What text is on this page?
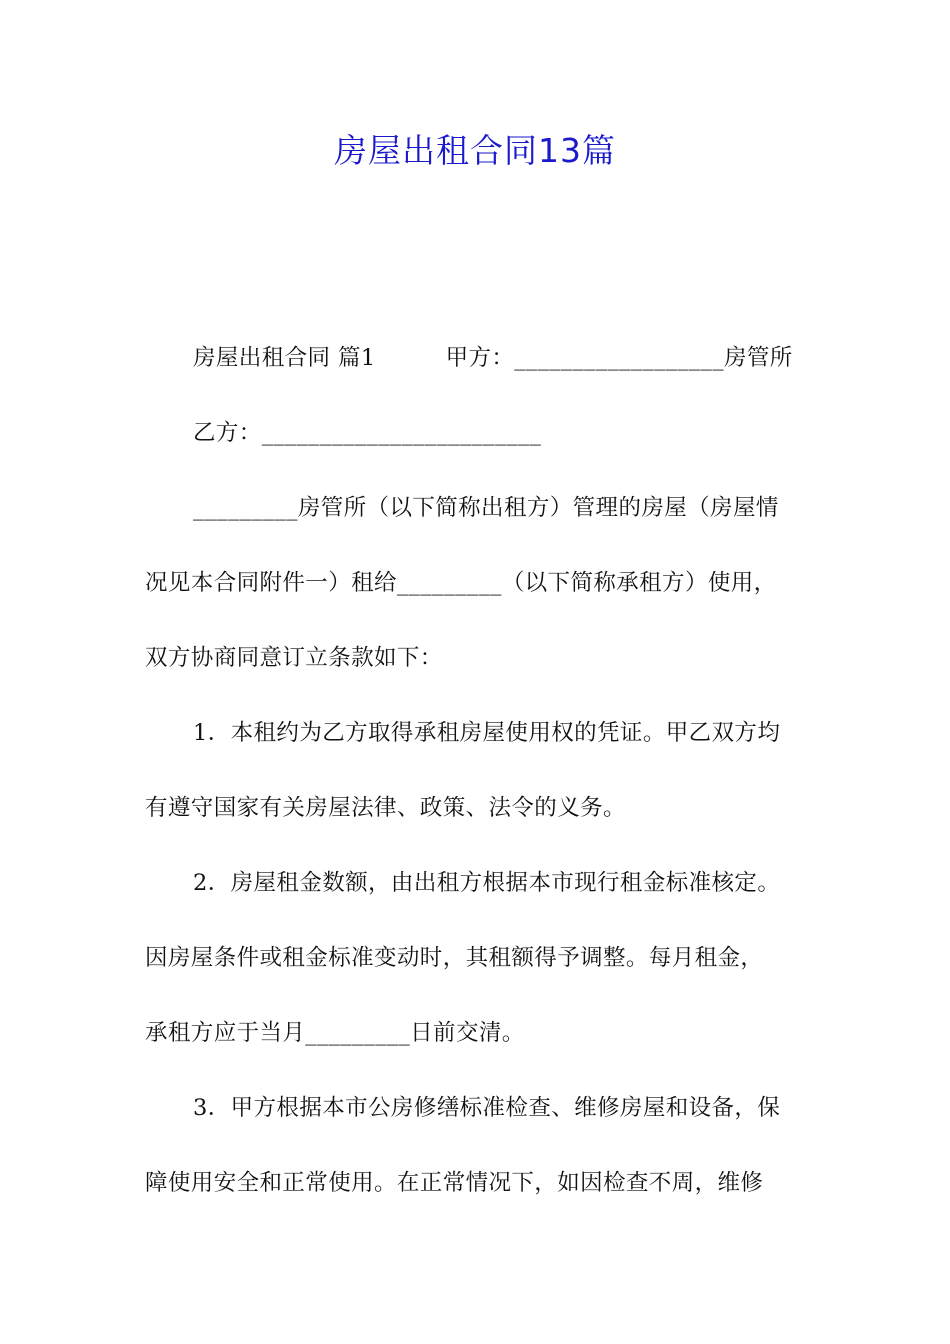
房屋出租合同13篇
房屋出租合同 篇1	甲方：__________________房管所
乙方：________________________
_________房管所（以下简称出租方）管理的房屋（房屋情
况见本合同附件一）租给_________（以下简称承租方）使用，
双方协商同意订立条款如下：
1．本租约为乙方取得承租房屋使用权的凭证。甲乙双方均
有遵守国家有关房屋法律、政策、法令的义务。
2．房屋租金数额，由出租方根据本市现行租金标准核定。
因房屋条件或租金标准变动时，其租额得予调整。每月租金，
承租方应于当月_________日前交清。
3．甲方根据本市公房修缮标准检查、维修房屋和设备，保
障使用安全和正常使用。在正常情况下，如因检查不周，维修
